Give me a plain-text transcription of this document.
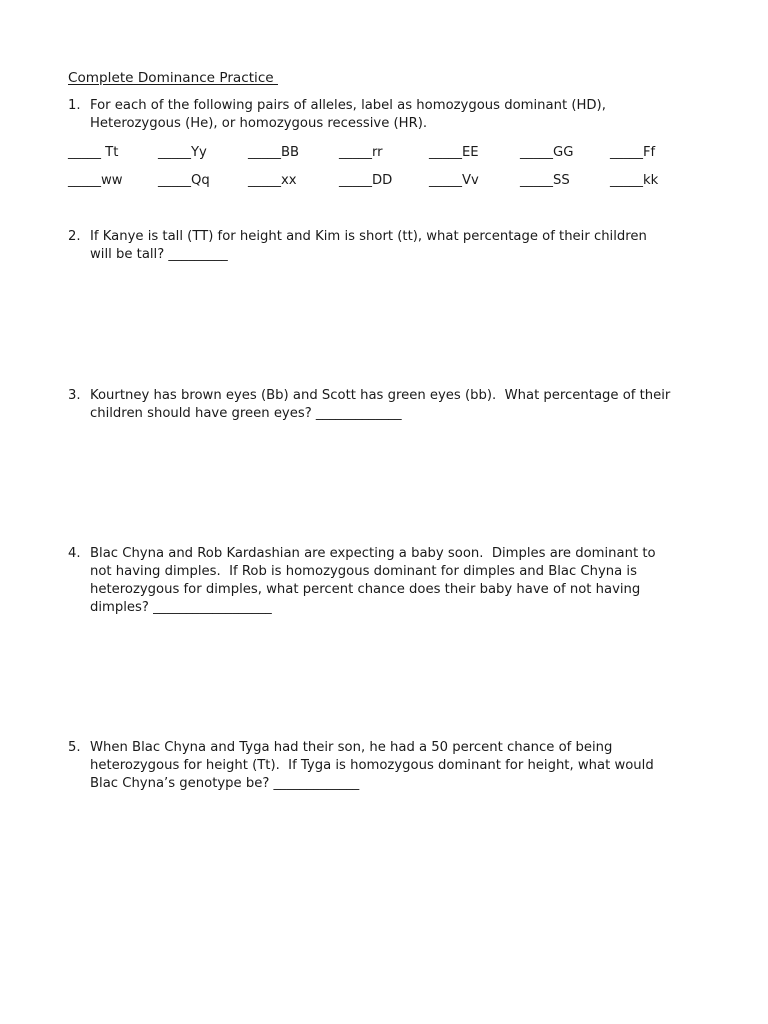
Complete Dominance Practice
1. For each of the following pairs of alleles, label as homozygous dominant (HD),
Heterozygous (He), or homozygous recessive (HR).
_____ Tt	_____Yy	_____BB	_____rr	_____EE	_____GG	_____Ff
_____ww	_____Qq	_____xx	_____DD	_____Vv	_____SS	_____kk
2. If Kanye is tall (TT) for height and Kim is short (tt), what percentage of their children
will be tall? _________
3. Kourtney has brown eyes (Bb) and Scott has green eyes (bb).  What percentage of their
children should have green eyes? _____________
4. Blac Chyna and Rob Kardashian are expecting a baby soon.  Dimples are dominant to
not having dimples.  If Rob is homozygous dominant for dimples and Blac Chyna is
heterozygous for dimples, what percent chance does their baby have of not having
dimples? __________________
5. When Blac Chyna and Tyga had their son, he had a 50 percent chance of being
heterozygous for height (Tt).  If Tyga is homozygous dominant for height, what would
Blac Chyna’s genotype be? _____________
